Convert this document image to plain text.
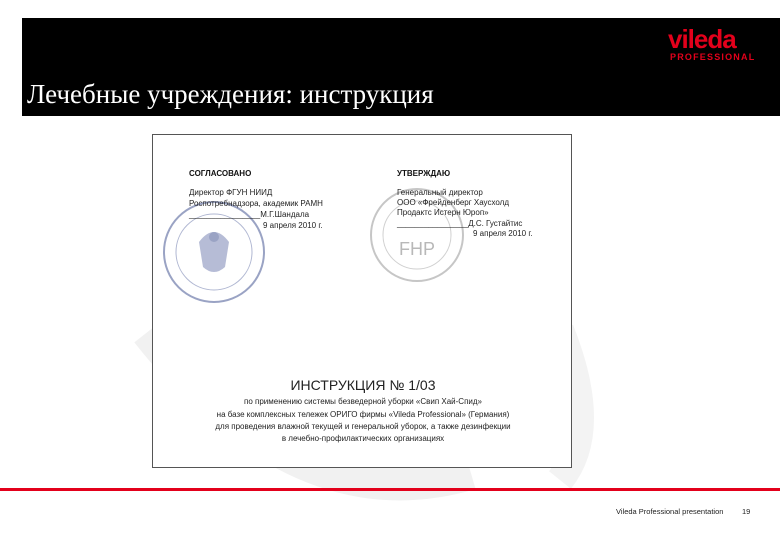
Лечебные учреждения: инструкция
vileda
PROFESSIONAL
FHP
СОГЛАСОВАНО
Директор ФГУН НИИД
Роспотребнадзора, академик РАМН
________________М.Г.Шандала
9 апреля 2010 г.
УТВЕРЖДАЮ
Генеральный директор
ООО «Фрейденберг Хаусхолд
Продактс Истерн Юроп»
________________Д.С. Густайтис
9 апреля 2010 г.
ИНСТРУКЦИЯ № 1/03
по применению системы безведерной уборки «Свип Хай-Спид»
на базе комплексных тележек ОРИГО фирмы «Vileda Professional» (Германия)
для проведения влажной текущей и генеральной уборок, а также дезинфекции
в лечебно-профилактических организациях
Vileda Professional presentation 19
